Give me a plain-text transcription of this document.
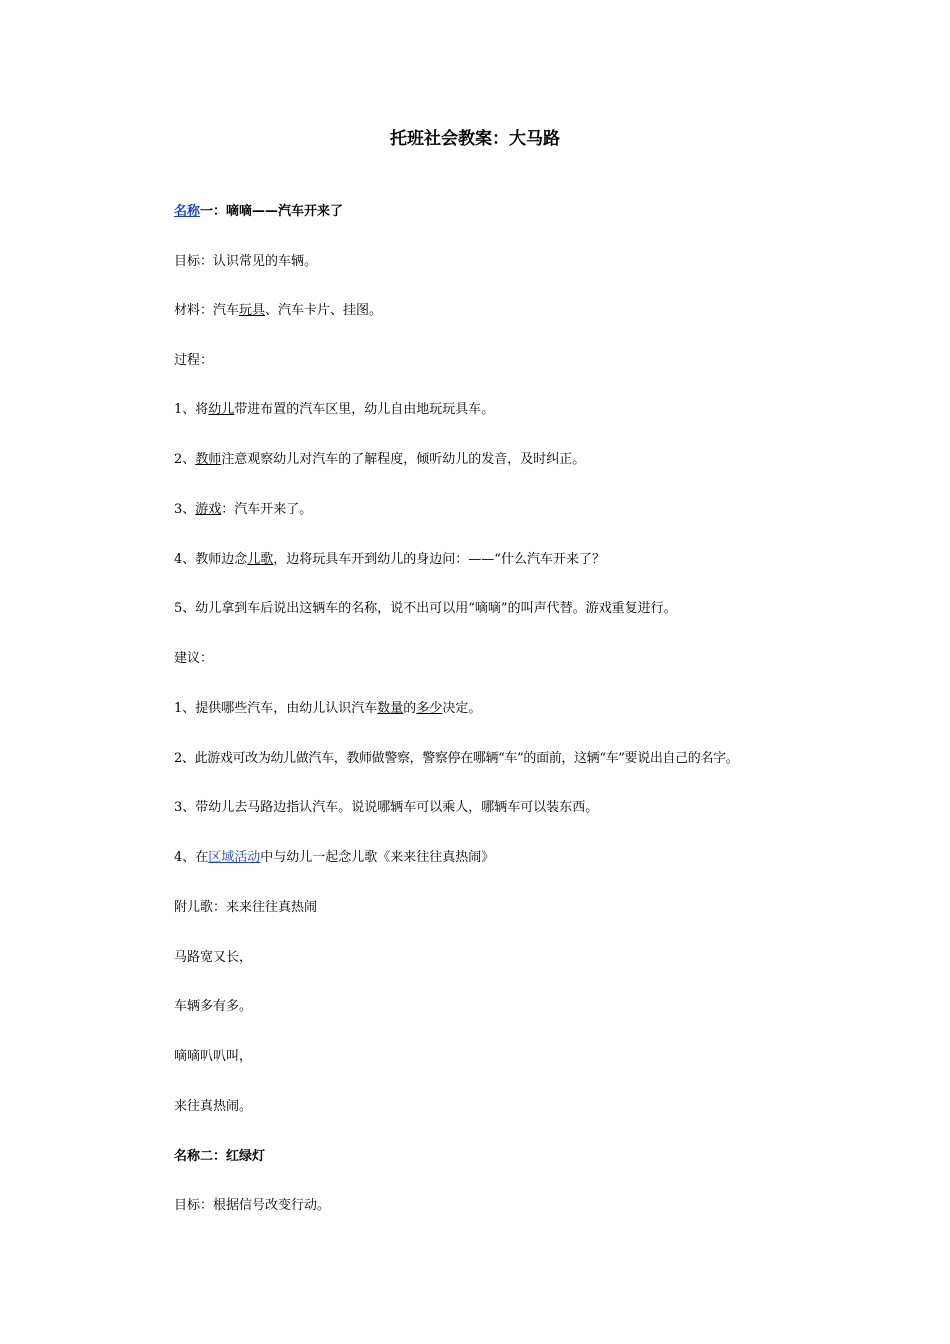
托班社会教案：大马路
名称一：嘀嘀——汽车开来了
目标：认识常见的车辆。
材料：汽车玩具、汽车卡片、挂图。
过程：
1、将幼儿带进布置的汽车区里，幼儿自由地玩玩具车。
2、教师注意观察幼儿对汽车的了解程度，倾听幼儿的发音，及时纠正。
3、游戏：汽车开来了。
4、教师边念儿歌，边将玩具车开到幼儿的身边问：——“什么汽车开来了？
5、幼儿拿到车后说出这辆车的名称，说不出可以用“嘀嘀”的叫声代替。游戏重复进行。
建议：
1、提供哪些汽车，由幼儿认识汽车数量的多少决定。
2、此游戏可改为幼儿做汽车，教师做警察，警察停在哪辆“车”的面前，这辆“车”要说出自己的名字。
3、带幼儿去马路边指认汽车。说说哪辆车可以乘人，哪辆车可以装东西。
4、在区域活动中与幼儿一起念儿歌《来来往往真热闹》
附儿歌：来来往往真热闹
马路宽又长，
车辆多有多。
嘀嘀叭叭叫，
来往真热闹。
名称二：红绿灯
目标：根据信号改变行动。
